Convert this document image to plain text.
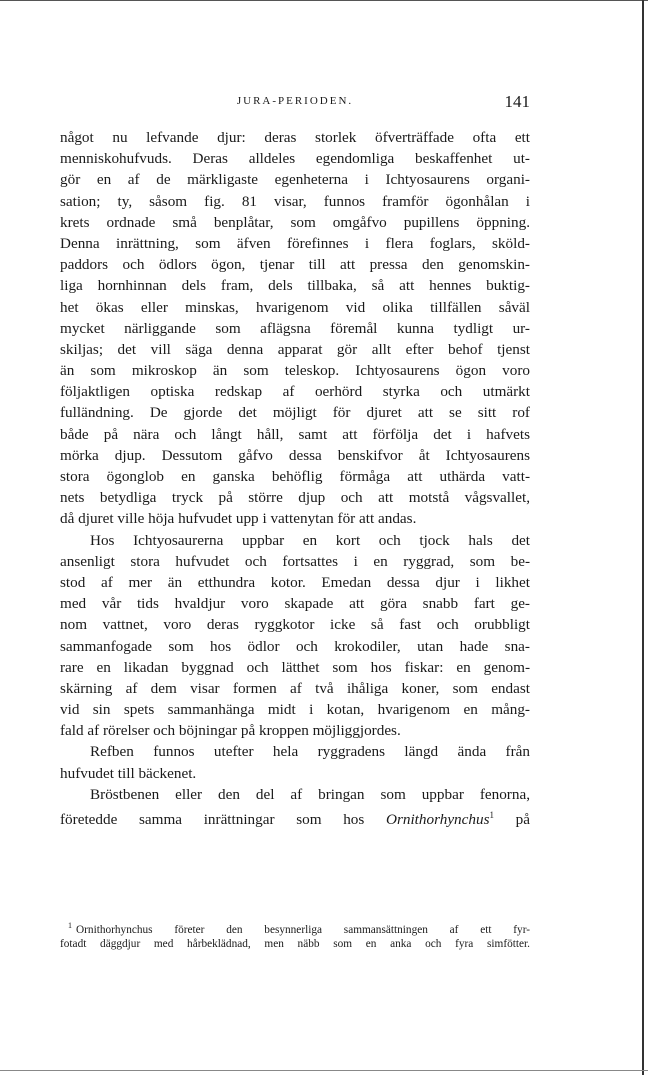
JURA-PERIODEN.	141
något nu lefvande djur: deras storlek öfverträffade ofta ett
menniskohufvuds. Deras alldeles egendomliga beskaffenhet ut-
gör en af de märkligaste egenheterna i Ichtyosaurens organi-
sation; ty, såsom fig. 81 visar, funnos framför ögonhålan i
krets ordnade små benplåtar, som omgåfvo pupillens öppning.
Denna inrättning, som äfven förefinnes i flera foglars, sköld-
paddors och ödlors ögon, tjenar till att pressa den genomskin-
liga hornhinnan dels fram, dels tillbaka, så att hennes buktig-
het ökas eller minskas, hvarigenom vid olika tillfällen såväl
mycket närliggande som aflägsna föremål kunna tydligt ur-
skiljas; det vill säga denna apparat gör allt efter behof tjenst
än som mikroskop än som teleskop. Ichtyosaurens ögon voro
följaktligen optiska redskap af oerhörd styrka och utmärkt
fulländning. De gjorde det möjligt för djuret att se sitt rof
både på nära och långt håll, samt att förfölja det i hafvets
mörka djup. Dessutom gåfvo dessa benskifvor åt Ichtyosaurens
stora ögonglob en ganska behöflig förmåga att uthärda vatt-
nets betydliga tryck på större djup och att motstå vågsvallet,
då djuret ville höja hufvudet upp i vattenytan för att andas.
Hos Ichtyosaurerna uppbar en kort och tjock hals det
ansenligt stora hufvudet och fortsattes i en ryggrad, som be-
stod af mer än etthundra kotor. Emedan dessa djur i likhet
med vår tids hvaldjur voro skapade att göra snabb fart ge-
nom vattnet, voro deras ryggkotor icke så fast och orubbligt
sammanfogade som hos ödlor och krokodiler, utan hade sna-
rare en likadan byggnad och lätthet som hos fiskar: en genom-
skärning af dem visar formen af två ihåliga koner, som endast
vid sin spets sammanhänga midt i kotan, hvarigenom en mång-
fald af rörelser och böjningar på kroppen möjliggjordes.
Refben funnos utefter hela ryggradens längd ända från
hufvudet till bäckenet.
Bröstbenen eller den del af bringan som uppbar fenorna,
företedde samma inrättningar som hos Ornithorhynchus$^1$ på
$^1$ Ornithorhynchus företer den besynnerliga sammansättningen af ett fyr-
fotadt däggdjur med hårbeklädnad, men näbb som en anka och fyra simfötter.
